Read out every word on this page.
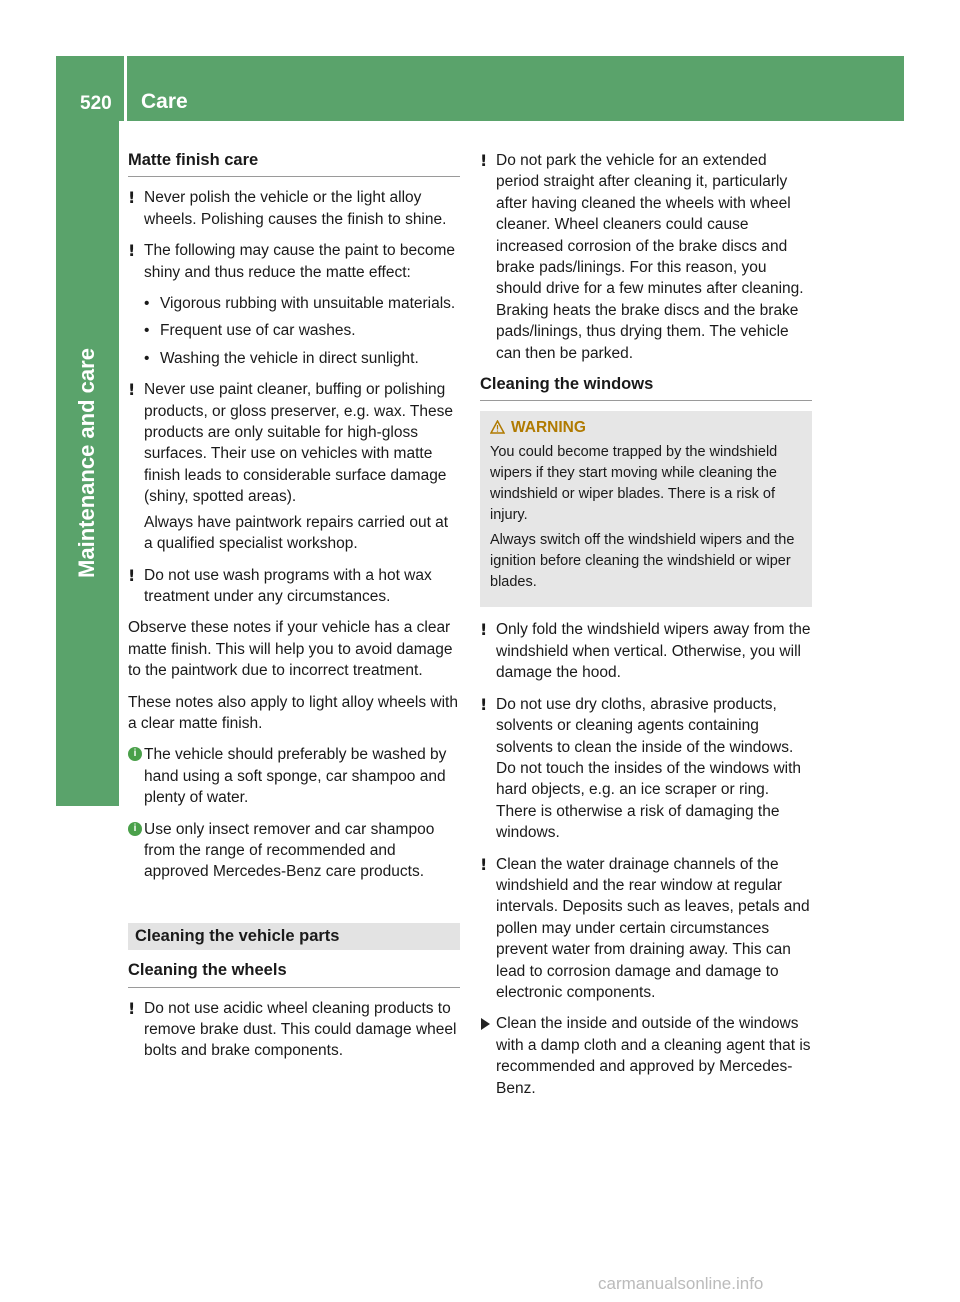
520 Care
Maintenance and care
Matte finish care
! Never polish the vehicle or the light alloy wheels. Polishing causes the finish to shine.
! The following may cause the paint to become shiny and thus reduce the matte effect:
• Vigorous rubbing with unsuitable materials.
• Frequent use of car washes.
• Washing the vehicle in direct sunlight.
! Never use paint cleaner, buffing or polishing products, or gloss preserver, e.g. wax. These products are only suitable for high-gloss surfaces. Their use on vehicles with matte finish leads to considerable surface damage (shiny, spotted areas).
Always have paintwork repairs carried out at a qualified specialist workshop.
! Do not use wash programs with a hot wax treatment under any circumstances.
Observe these notes if your vehicle has a clear matte finish. This will help you to avoid damage to the paintwork due to incorrect treatment.
These notes also apply to light alloy wheels with a clear matte finish.
i The vehicle should preferably be washed by hand using a soft sponge, car shampoo and plenty of water.
i Use only insect remover and car shampoo from the range of recommended and approved Mercedes-Benz care products.
Cleaning the vehicle parts
Cleaning the wheels
! Do not use acidic wheel cleaning products to remove brake dust. This could damage wheel bolts and brake components.
! Do not park the vehicle for an extended period straight after cleaning it, particularly after having cleaned the wheels with wheel cleaner. Wheel cleaners could cause increased corrosion of the brake discs and brake pads/linings. For this reason, you should drive for a few minutes after cleaning. Braking heats the brake discs and the brake pads/linings, thus drying them. The vehicle can then be parked.
Cleaning the windows
WARNING
You could become trapped by the windshield wipers if they start moving while cleaning the windshield or wiper blades. There is a risk of injury.
Always switch off the windshield wipers and the ignition before cleaning the windshield or wiper blades.
! Only fold the windshield wipers away from the windshield when vertical. Otherwise, you will damage the hood.
! Do not use dry cloths, abrasive products, solvents or cleaning agents containing solvents to clean the inside of the windows. Do not touch the insides of the windows with hard objects, e.g. an ice scraper or ring. There is otherwise a risk of damaging the windows.
! Clean the water drainage channels of the windshield and the rear window at regular intervals. Deposits such as leaves, petals and pollen may under certain circumstances prevent water from draining away. This can lead to corrosion damage and damage to electronic components.
Clean the inside and outside of the windows with a damp cloth and a cleaning agent that is recommended and approved by Mercedes-Benz.
carmanualsonline.info
